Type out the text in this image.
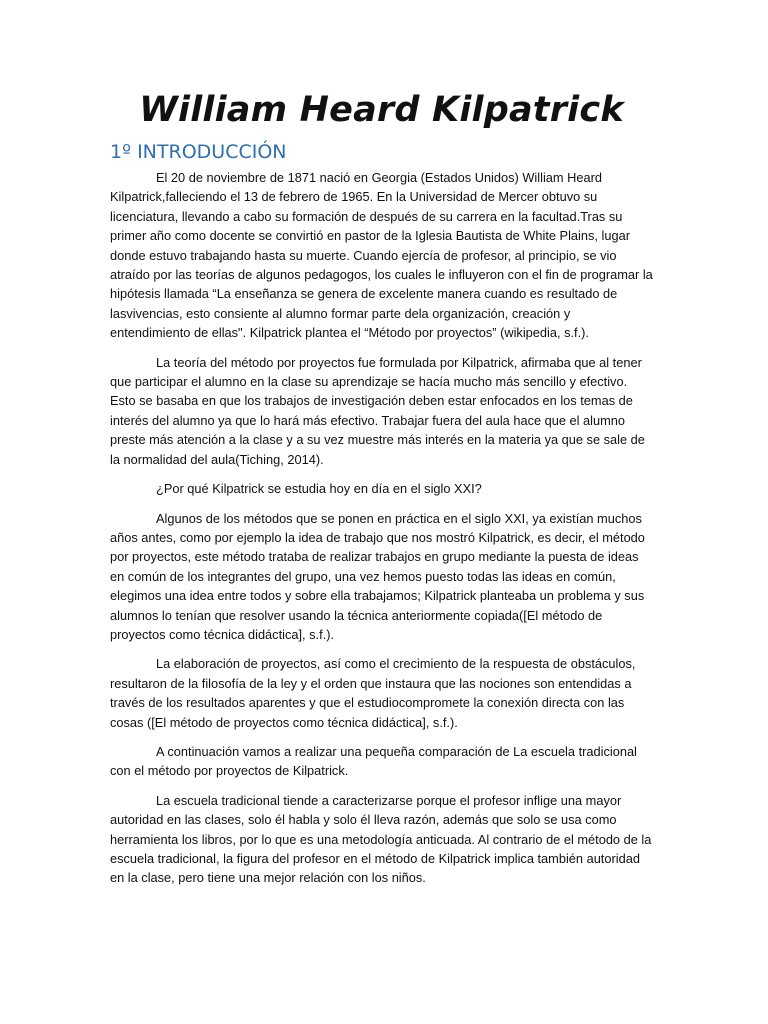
William Heard Kilpatrick
1º INTRODUCCIÓN

El 20 de noviembre de 1871 nació en Georgia (Estados Unidos) William Heard Kilpatrick,falleciendo el 13 de febrero de 1965. En la Universidad de Mercer obtuvo su licenciatura, llevando a cabo su formación de después de su carrera en la facultad.Tras su primer año como docente se convirtió en pastor de la Iglesia Bautista de White Plains, lugar donde estuvo trabajando hasta su muerte. Cuando ejercía de profesor, al principio, se vio atraído por las teorías de algunos pedagogos, los cuales le influyeron con el fin de programar la hipótesis llamada “La enseñanza se genera de excelente manera cuando es resultado de lasvivencias, esto consiente al alumno formar parte dela organización, creación y entendimiento de ellas". Kilpatrick plantea el “Método por proyectos” (wikipedia, s.f.).

La teoría del método por proyectos fue formulada por Kilpatrick, afirmaba que al tener que participar el alumno en la clase su aprendizaje se hacía mucho más sencillo y efectivo. Esto se basaba en que los trabajos de investigación deben estar enfocados en los temas de interés del alumno ya que lo hará más efectivo. Trabajar fuera del aula hace que el alumno preste más atención a la clase y a su vez muestre más interés en la materia ya que se sale de la normalidad del aula(Tiching, 2014).

¿Por qué Kilpatrick se estudia hoy en día en el siglo XXI?

Algunos de los métodos que se ponen en práctica en el siglo XXI, ya existían muchos años antes, como por ejemplo la idea de trabajo que nos mostró Kilpatrick, es decir, el método por proyectos, este método trataba de realizar trabajos en grupo mediante la puesta de ideas en común de los integrantes del grupo, una vez hemos puesto todas las ideas en común, elegimos una idea entre todos y sobre ella trabajamos; Kilpatrick planteaba un problema y sus alumnos lo tenían que resolver usando la técnica anteriormente copiada([El método de proyectos como técnica didáctica], s.f.).

La elaboración de proyectos, así como el crecimiento de la respuesta de obstáculos, resultaron de la filosofía de la ley y el orden que instaura que las nociones son entendidas a través de los resultados aparentes y que el estudiocompromete la conexión directa con las cosas ([El método de proyectos como técnica didáctica], s.f.).

A continuación vamos a realizar una pequeña comparación de La escuela tradicional con el método por proyectos de Kilpatrick.

La escuela tradicional tiende a caracterizarse porque el profesor inflige una mayor autoridad en las clases, solo él habla y solo él lleva razón, además que solo se usa como herramienta los libros, por lo que es una metodología anticuada. Al contrario de el método de la escuela tradicional, la figura del profesor en el método de Kilpatrick implica también autoridad en la clase, pero tiene una mejor relación con los niños.
